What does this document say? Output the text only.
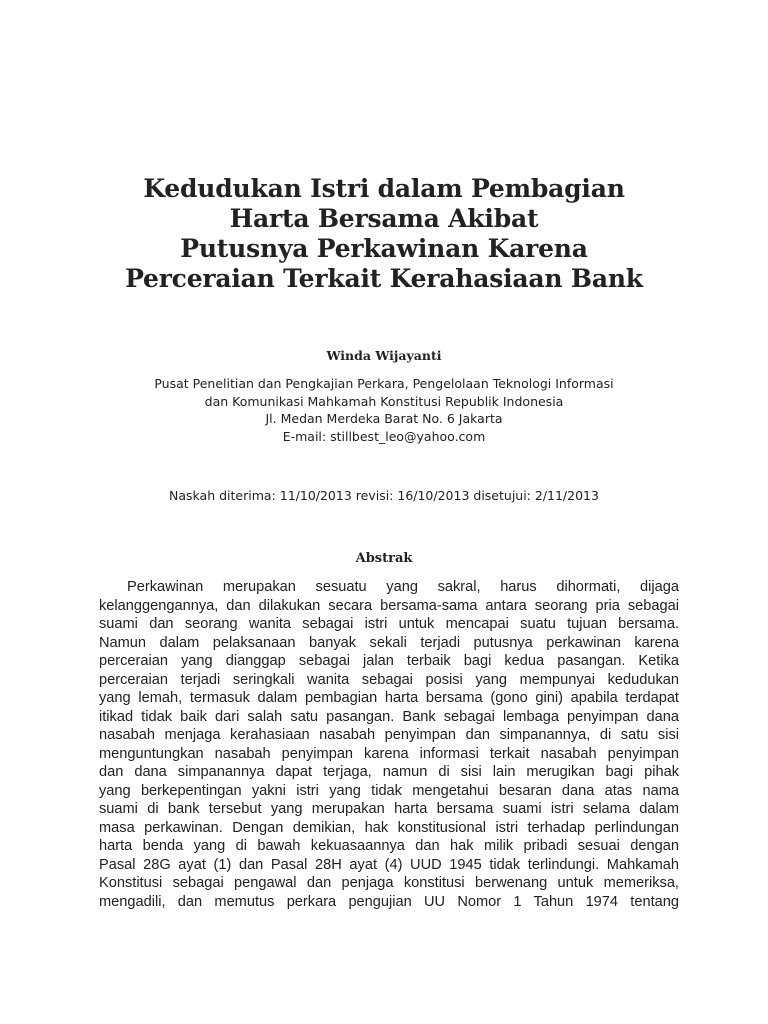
Kedudukan Istri dalam Pembagian
Harta Bersama Akibat
Putusnya Perkawinan Karena
Perceraian Terkait Kerahasiaan Bank
Winda Wijayanti
Pusat Penelitian dan Pengkajian Perkara, Pengelolaan Teknologi Informasi
dan Komunikasi Mahkamah Konstitusi Republik Indonesia
Jl. Medan Merdeka Barat No. 6 Jakarta
E-mail: stillbest_leo@yahoo.com
Naskah diterima: 11/10/2013 revisi: 16/10/2013 disetujui: 2/11/2013
Abstrak
Perkawinan merupakan sesuatu yang sakral, harus dihormati, dijaga
kelanggengannya, dan dilakukan secara bersama-sama antara seorang pria sebagai
suami dan seorang wanita sebagai istri untuk mencapai suatu tujuan bersama.
Namun dalam pelaksanaan banyak sekali terjadi putusnya perkawinan karena
perceraian yang dianggap sebagai jalan terbaik bagi kedua pasangan. Ketika
perceraian terjadi seringkali wanita sebagai posisi yang mempunyai kedudukan
yang lemah, termasuk dalam pembagian harta bersama (gono gini) apabila terdapat
itikad tidak baik dari salah satu pasangan. Bank sebagai lembaga penyimpan dana
nasabah menjaga kerahasiaan nasabah penyimpan dan simpanannya, di satu sisi
menguntungkan nasabah penyimpan karena informasi terkait nasabah penyimpan
dan dana simpanannya dapat terjaga, namun di sisi lain merugikan bagi pihak
yang berkepentingan yakni istri yang tidak mengetahui besaran dana atas nama
suami di bank tersebut yang merupakan harta bersama suami istri selama dalam
masa perkawinan. Dengan demikian, hak konstitusional istri terhadap perlindungan
harta benda yang di bawah kekuasaannya dan hak milik pribadi sesuai dengan
Pasal 28G ayat (1) dan Pasal 28H ayat (4) UUD 1945 tidak terlindungi. Mahkamah
Konstitusi sebagai pengawal dan penjaga konstitusi berwenang untuk memeriksa,
mengadili, dan memutus perkara pengujian UU Nomor 1 Tahun 1974 tentang
